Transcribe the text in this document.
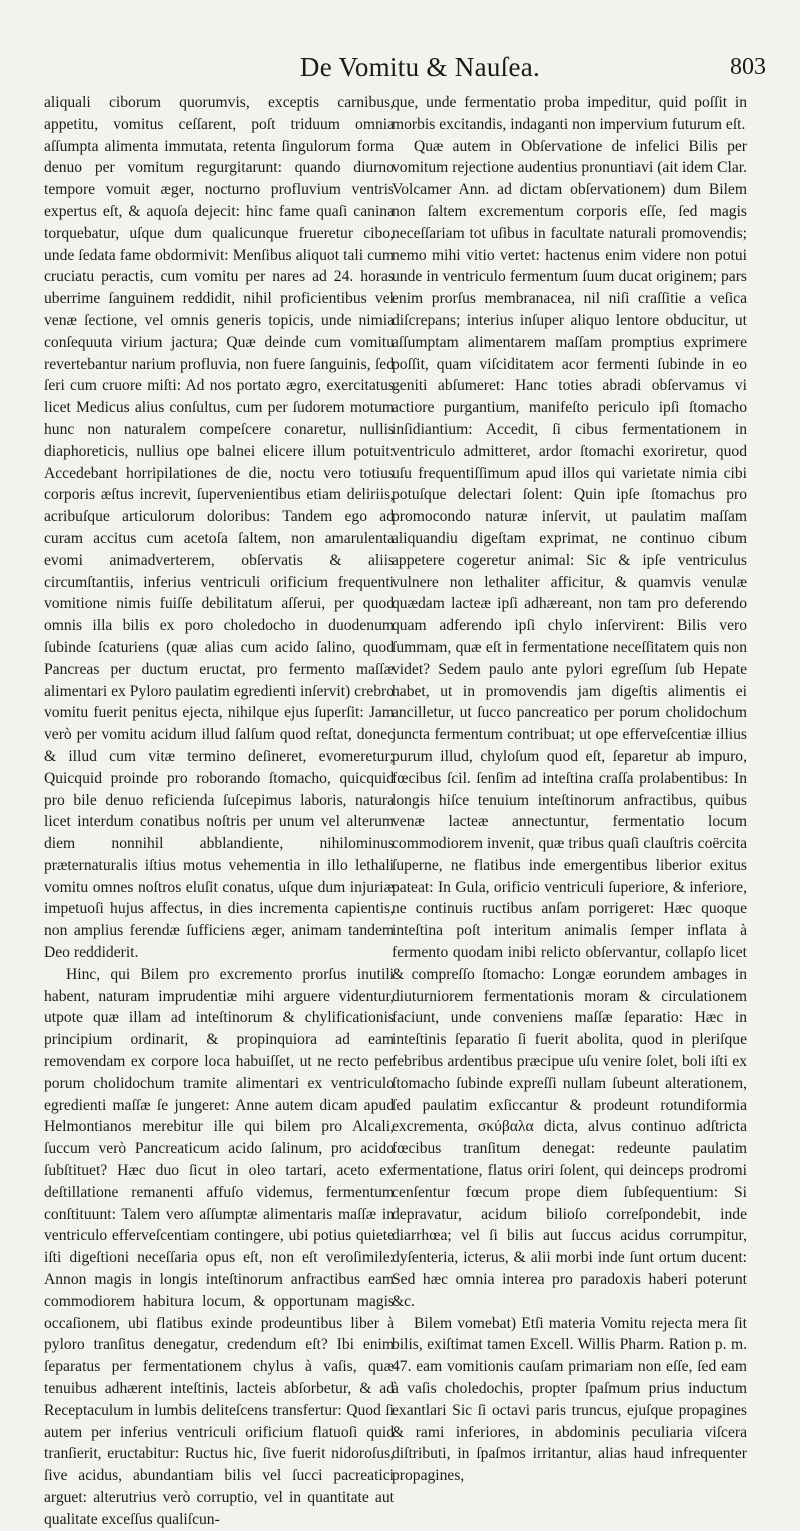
De Vomitu & Nauſea.	803

aliquali ciborum quorumvis, exceptis carnibus, appetitu, vomitus ceſſarent, poſt triduum omnia aſſumpta alimenta immutata, retenta ſingulorum forma denuo per vomitum regurgitarunt: quando diurno tempore vomuit æger, nocturno profluvium ventris expertus eſt, & aquoſa dejecit: hinc fame quaſi canina torquebatur, uſque dum qualicunque frueretur cibo, unde ſedata fame obdormivit: Menſibus aliquot tali cum cruciatu peractis, cum vomitu per nares ad 24. horas uberrime ſanguinem reddidit, nihil proficientibus vel venæ ſectione, vel omnis generis topicis, unde nimia conſequuta virium jactura; Quæ deinde cum vomitu revertebantur narium profluvia, non fuere ſanguinis, ſed ſeri cum cruore miſti: Ad nos portato ægro, exercitatus licet Medicus alius conſultus, cum per ſudorem motum hunc non naturalem compeſcere conaretur, nullis diaphoreticis, nullius ope balnei elicere illum potuit: Accedebant horripilationes de die, noctu vero totius corporis æſtus increvit, ſupervenientibus etiam deliriis, acribuſque articulorum doloribus: Tandem ego ad curam accitus cum acetoſa ſaltem, non amarulenta evomi animadverterem, obſervatis & aliis circumſtantiis, inferius ventriculi orificium frequenti vomitione nimis fuiſſe debilitatum aſſerui, per quod omnis illa bilis ex poro choledocho in duodenum ſubinde ſcaturiens (quæ alias cum acido ſalino, quod Pancreas per ductum eructat, pro fermento maſſæ alimentari ex Pyloro paulatim egredienti inſervit) crebro vomitu fuerit penitus ejecta, nihilque ejus ſuperſit: Jam verò per vomitu acidum illud ſalſum quod reſtat, donec & illud cum vitæ termino deſineret, evomeretur; Quicquid proinde pro roborando ſtomacho, quicquid pro bile denuo reficienda ſuſcepimus laboris, natura licet interdum conatibus noſtris per unum vel alterum diem nonnihil abblandiente, nihilominus præternaturalis iſtius motus vehementia in illo lethali vomitu omnes noſtros eluſit conatus, uſque dum injuriæ impetuoſi hujus affectus, in dies incrementa capientis, non amplius ferendæ ſufficiens æger, animam tandem Deo reddiderit.

Hinc, qui Bilem pro excremento prorſus inutili habent, naturam imprudentiæ mihi arguere videntur, utpote quæ illam ad inteſtinorum & chylificationis principium ordinarit, & propinquiora ad eam removendam ex corpore loca habuiſſet, ut ne recto per porum cholidochum tramite alimentari ex ventriculo egredienti maſſæ ſe jungeret: Anne autem dicam apud Helmontianos merebitur ille qui bilem pro Alcali, ſuccum verò Pancreaticum acido ſalinum, pro acido ſubſtituet? Hæc duo ſicut in oleo tartari, aceto ex deſtillatione remanenti affuſo videmus, fermentum conſtituunt: Talem vero aſſumptæ alimentaris maſſæ in ventriculo efferveſcentiam contingere, ubi potius quiete iſti digeſtioni neceſſaria opus eſt, non eſt veroſimile: Annon magis in longis inteſtinorum anfractibus eam commodiorem habitura locum, & opportunam magis occaſionem, ubi flatibus exinde prodeuntibus liber à pyloro tranſitus denegatur, credendum eſt? Ibi enim ſeparatus per fermentationem chylus à vaſis, quæ tenuibus adhærent inteſtinis, lacteis abſorbetur, & ad Receptaculum in lumbis deliteſcens transfertur: Quod ſi autem per inferius ventriculi orificium flatuoſi quid tranſierit, eructabitur: Ructus hic, ſive fuerit nidoroſus, ſive acidus, abundantiam bilis vel ſucci pacreatici arguet: alterutrius verò corruptio, vel in quantitate aut qualitate exceſſus qualiſcun-

que, unde fermentatio proba impeditur, quid poſſit in morbis excitandis, indaganti non impervium futurum eſt.

Quæ autem in Obſervatione de infelici Bilis per vomitum rejectione audentius pronuntiavi (ait idem Clar. Volcamer Ann. ad dictam obſervationem) dum Bilem non ſaltem excrementum corporis eſſe, ſed magis neceſſariam tot uſibus in facultate naturali promovendis; nemo mihi vitio vertet: hactenus enim videre non potui unde in ventriculo fermentum ſuum ducat originem; pars enim prorſus membranacea, nil niſi craſſitie a veſica diſcrepans; interius inſuper aliquo lentore obducitur, ut aſſumptam alimentarem maſſam promptius exprimere poſſit, quam viſciditatem acor fermenti ſubinde in eo geniti abſumeret: Hanc toties abradi obſervamus vi actiore purgantium, manifeſto periculo ipſi ſtomacho inſidiantium: Accedit, ſi cibus fermentationem in ventriculo admitteret, ardor ſtomachi exoriretur, quod uſu frequentiſſimum apud illos qui varietate nimia cibi potuſque delectari ſolent: Quin ipſe ſtomachus pro promocondo naturæ inſervit, ut paulatim maſſam aliquandiu digeſtam exprimat, ne continuo cibum appetere cogeretur animal: Sic & ipſe ventriculus vulnere non lethaliter afficitur, & quamvis venulæ quædam lacteæ ipſi adhæreant, non tam pro deferendo quam adferendo ipſi chylo inſervirent: Bilis vero ſummam, quæ eſt in fermentatione neceſſitatem quis non videt? Sedem paulo ante pylori egreſſum ſub Hepate habet, ut in promovendis jam digeſtis alimentis ei ancilletur, ut ſucco pancreatico per porum cholidochum juncta fermentum contribuat; ut ope efferveſcentiæ illius purum illud, chyloſum quod eſt, ſeparetur ab impuro, fœcibus ſcil. ſenſim ad inteſtina craſſa prolabentibus: In longis hiſce tenuium inteſtinorum anfractibus, quibus venæ lacteæ annectuntur, fermentatio locum commodiorem invenit, quæ tribus quaſi clauſtris coërcita ſuperne, ne flatibus inde emergentibus liberior exitus pateat: In Gula, orificio ventriculi ſuperiore, & inferiore, ne continuis ructibus anſam porrigeret: Hæc quoque inteſtina poſt interitum animalis ſemper inflata à fermento quodam inibi relicto obſervantur, collapſo licet & compreſſo ſtomacho: Longæ eorundem ambages in diuturniorem fermentationis moram & circulationem faciunt, unde conveniens maſſæ ſeparatio: Hæc in inteſtinis ſeparatio ſi fuerit abolita, quod in pleriſque febribus ardentibus præcipue uſu venire ſolet, boli iſti ex ſtomacho ſubinde expreſſi nullam ſubeunt alterationem, ſed paulatim exſiccantur & prodeunt rotundiformia excrementa, σκύβαλα dicta, alvus continuo adſtricta fœcibus tranſitum denegat: redeunte paulatim fermentatione, flatus oriri ſolent, qui deinceps prodromi cenſentur fœcum prope diem ſubſequentium: Si depravatur, acidum bilioſo correſpondebit, inde diarrhœa; vel ſi bilis aut ſuccus acidus corrumpitur, dyſenteria, icterus, & alii morbi inde ſunt ortum ducent: Sed hæc omnia interea pro paradoxis haberi poterunt &c.

Bilem vomebat) Etſi materia Vomitu rejecta mera ſit bilis, exiſtimat tamen Excell. Willis Pharm. Ration p. m. 47. eam vomitionis cauſam primariam non eſſe, ſed eam à vaſis choledochis, propter ſpaſmum prius inductum exantlari Sic ſi octavi paris truncus, ejuſque propagines & rami inferiores, in abdominis peculiaria viſcera diſtributi, in ſpaſmos irritantur, alias haud infrequenter propagines,
